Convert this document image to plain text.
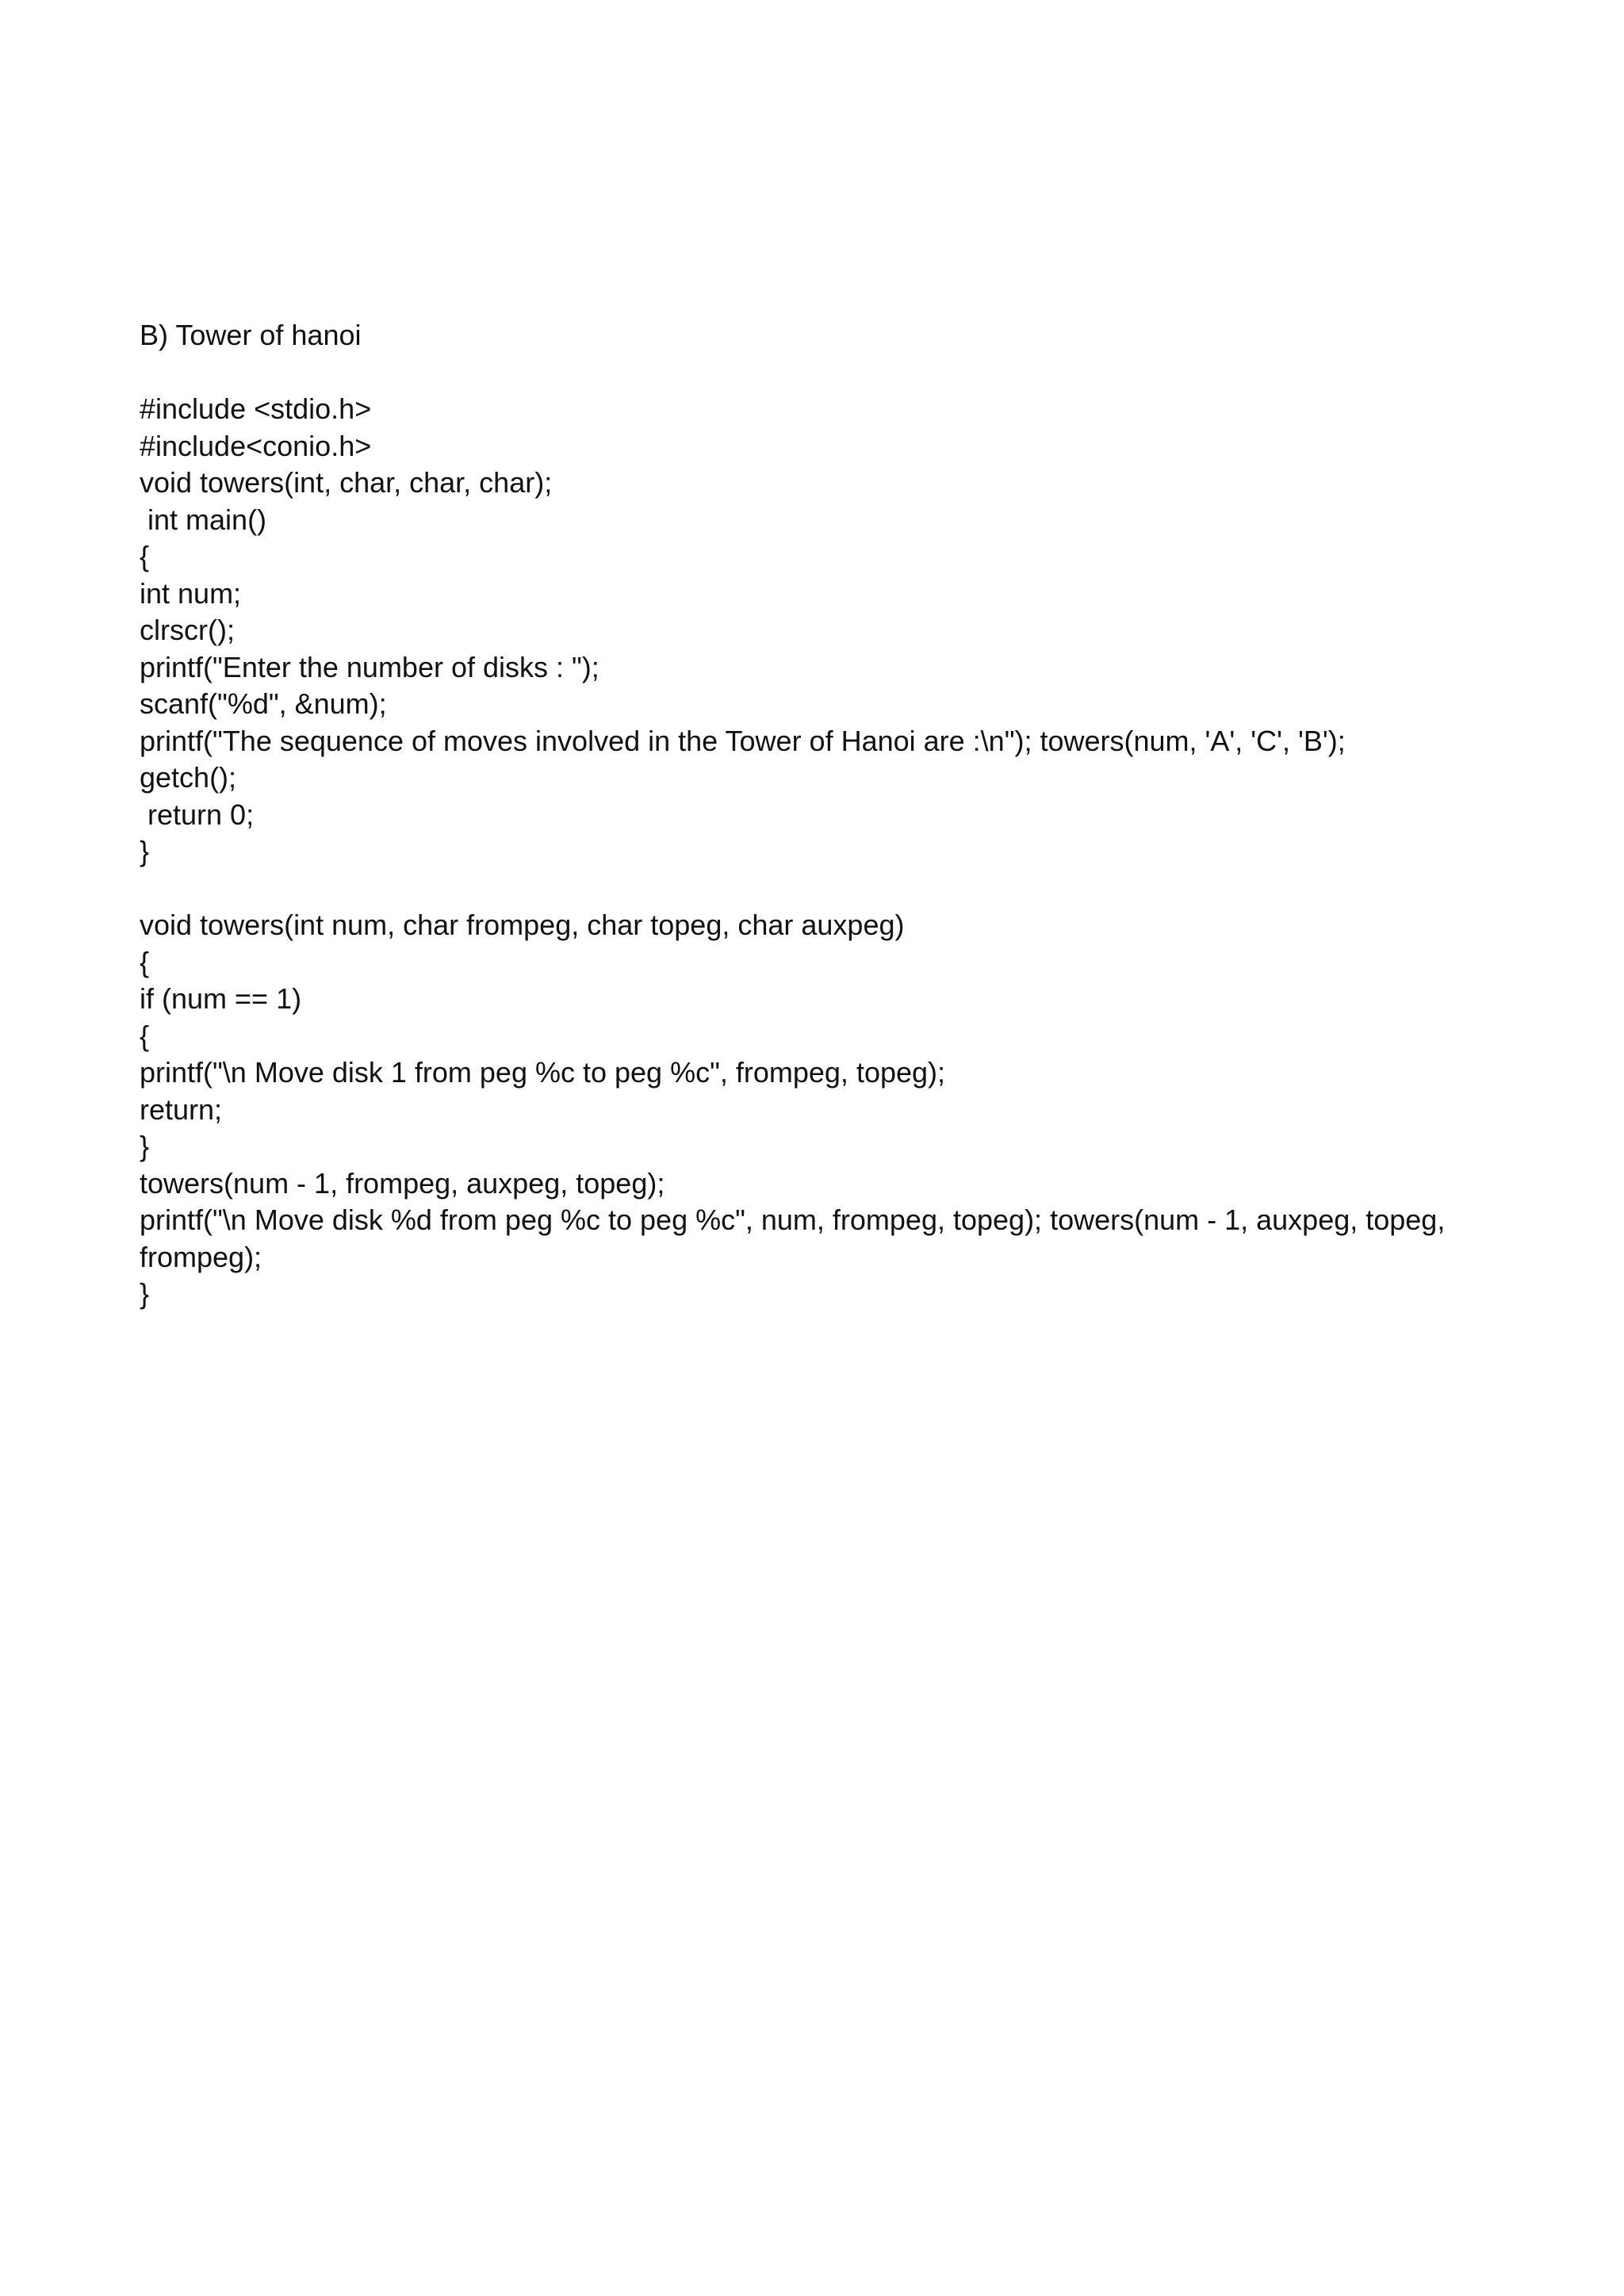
B) Tower of hanoi

#include <stdio.h>

#include<conio.h>

void towers(int, char, char, char);

int main()

{

int num;

clrscr();

printf("Enter the number of disks : ");

scanf("%d", &num);

printf("The sequence of moves involved in the Tower of Hanoi are :\n"); towers(num, 'A', 'C', 'B');

getch();

return 0;

}

void towers(int num, char frompeg, char topeg, char auxpeg)

{

if (num == 1)

{

printf("\n Move disk 1 from peg %c to peg %c", frompeg, topeg);

return;

}

towers(num - 1, frompeg, auxpeg, topeg);

printf("\n Move disk %d from peg %c to peg %c", num, frompeg, topeg); towers(num - 1, auxpeg, topeg,

frompeg);

}
